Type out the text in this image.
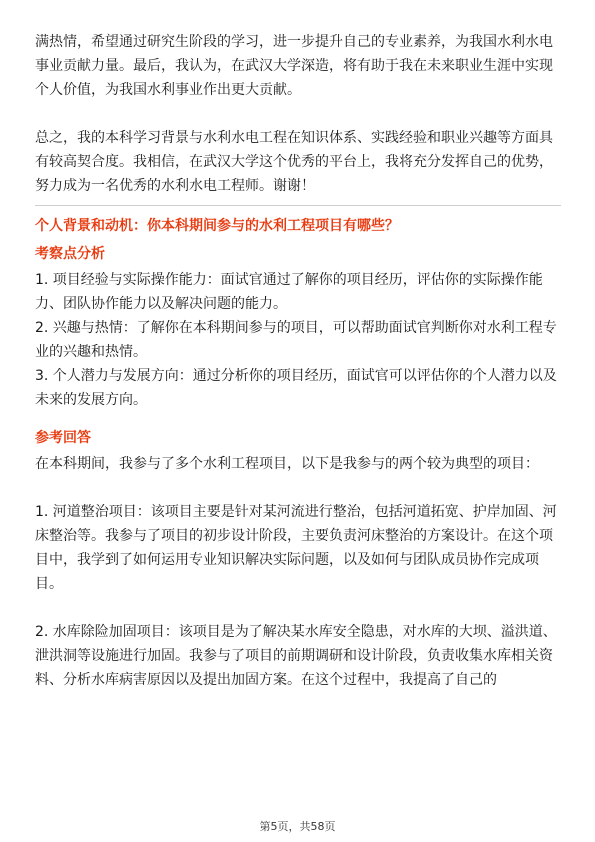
满热情，希望通过研究生阶段的学习，进一步提升自己的专业素养，为我国水利水电事业贡献力量。最后，我认为，在武汉大学深造，将有助于我在未来职业生涯中实现个人价值，为我国水利事业作出更大贡献。

总之，我的本科学习背景与水利水电工程在知识体系、实践经验和职业兴趣等方面具有较高契合度。我相信，在武汉大学这个优秀的平台上，我将充分发挥自己的优势，努力成为一名优秀的水利水电工程师。谢谢！

个人背景和动机：你本科期间参与的水利工程项目有哪些？

考察点分析

1. 项目经验与实际操作能力：面试官通过了解你的项目经历，评估你的实际操作能力、团队协作能力以及解决问题的能力。

2. 兴趣与热情：了解你在本科期间参与的项目，可以帮助面试官判断你对水利工程专业的兴趣和热情。

3. 个人潜力与发展方向：通过分析你的项目经历，面试官可以评估你的个人潜力以及未来的发展方向。

参考回答

在本科期间，我参与了多个水利工程项目，以下是我参与的两个较为典型的项目：

1. 河道整治项目：该项目主要是针对某河流进行整治，包括河道拓宽、护岸加固、河床整治等。我参与了项目的初步设计阶段，主要负责河床整治的方案设计。在这个项目中，我学到了如何运用专业知识解决实际问题，以及如何与团队成员协作完成项目。

2. 水库除险加固项目：该项目是为了解决某水库安全隐患，对水库的大坝、溢洪道、泄洪洞等设施进行加固。我参与了项目的前期调研和设计阶段，负责收集水库相关资料、分析水库病害原因以及提出加固方案。在这个过程中，我提高了自己的

第5页，共58页
